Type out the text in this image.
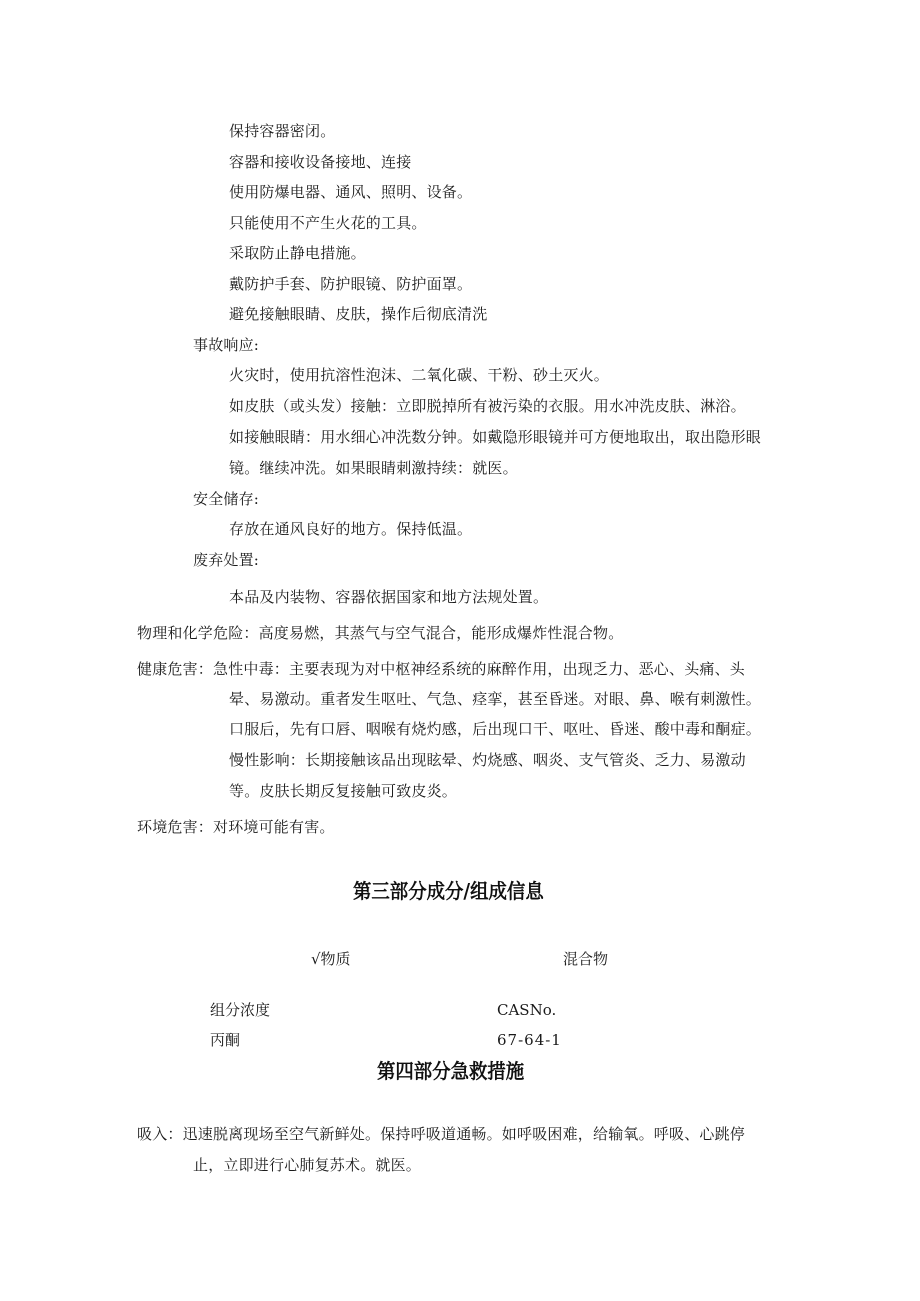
保持容器密闭。
容器和接收设备接地、连接
使用防爆电器、通风、照明、设备。
只能使用不产生火花的工具。
采取防止静电措施。
戴防护手套、防护眼镜、防护面罩。
避免接触眼睛、皮肤，操作后彻底清洗
事故响应:
火灾时，使用抗溶性泡沫、二氧化碳、干粉、砂土灭火。
如皮肤（或头发）接触：立即脱掉所有被污染的衣服。用水冲洗皮肤、淋浴。
如接触眼睛：用水细心冲洗数分钟。如戴隐形眼镜并可方便地取出，取出隐形眼
镜。继续冲洗。如果眼睛刺激持续：就医。
安全储存:
存放在通风良好的地方。保持低温。
废弃处置:
本品及内装物、容器依据国家和地方法规处置。
物理和化学危险：高度易燃，其蒸气与空气混合，能形成爆炸性混合物。
健康危害：急性中毒：主要表现为对中枢神经系统的麻醉作用，出现乏力、恶心、头痛、头
晕、易激动。重者发生呕吐、气急、痉挛，甚至昏迷。对眼、鼻、喉有刺激性。
口服后，先有口唇、咽喉有烧灼感，后出现口干、呕吐、昏迷、酸中毒和酮症。
慢性影响：长期接触该品出现眩晕、灼烧感、咽炎、支气管炎、乏力、易激动
等。皮肤长期反复接触可致皮炎。
环境危害：对环境可能有害。
第三部分成分/组成信息
√物质	混合物
组分浓度	CASNo.
丙酮	67-64-1
第四部分急救措施
吸入：迅速脱离现场至空气新鲜处。保持呼吸道通畅。如呼吸困难，给输氧。呼吸、心跳停
止，立即进行心肺复苏术。就医。
